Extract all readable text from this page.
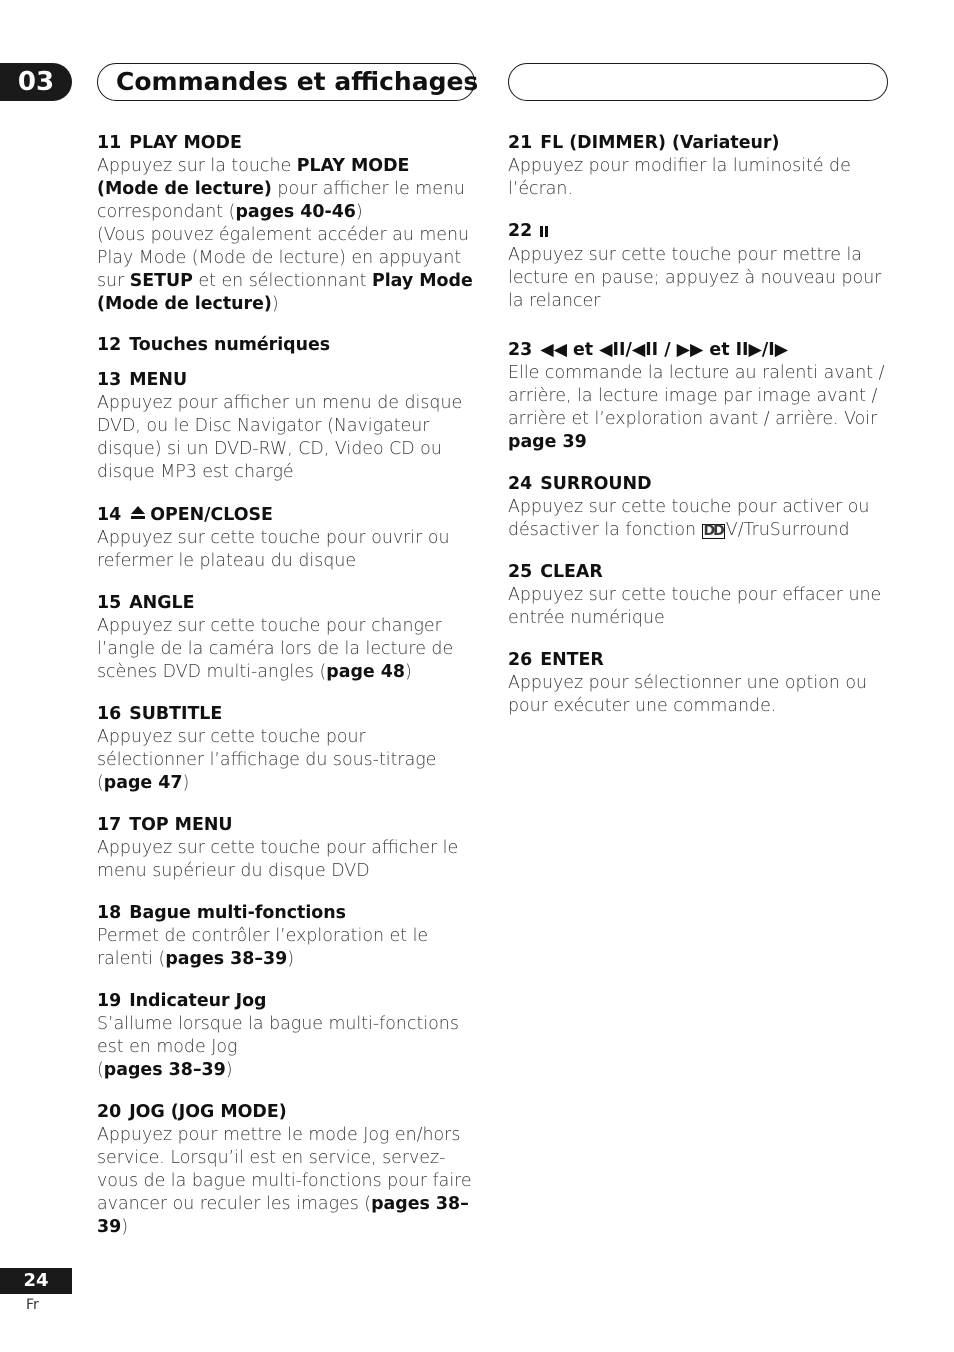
03	Commandes et affichages

11 PLAY MODE

Appuyez sur la touche PLAY MODE (Mode de lecture) pour afficher le menu correspondant (pages 40-46)
(Vous pouvez également accéder au menu Play Mode (Mode de lecture) en appuyant sur SETUP et en sélectionnant Play Mode (Mode de lecture))

12 Touches numériques

13 MENU

Appuyez pour afficher un menu de disque DVD, ou le Disc Navigator (Navigateur disque) si un DVD-RW, CD, Video CD ou disque MP3 est chargé

14 OPEN/CLOSE

Appuyez sur cette touche pour ouvrir ou refermer le plateau du disque

15 ANGLE

Appuyez sur cette touche pour changer l’angle de la caméra lors de la lecture de scènes DVD multi-angles (page 48)

16 SUBTITLE

Appuyez sur cette touche pour sélectionner l’affichage du sous-titrage (page 47)

17 TOP MENU

Appuyez sur cette touche pour afficher le menu supérieur du disque DVD

18 Bague multi-fonctions

Permet de contrôler l’exploration et le ralenti (pages 38–39)

19 Indicateur Jog

S’allume lorsque la bague multi-fonctions est en mode Jog
(pages 38–39)

20 JOG (JOG MODE)

Appuyez pour mettre le mode Jog en/hors service. Lorsqu’il est en service, servez-vous de la bague multi-fonctions pour faire avancer ou reculer les images (pages 38–39)

21 FL (DIMMER) (Variateur)

Appuyez pour modifier la luminosité de l’écran.

22

Appuyez sur cette touche pour mettre la lecture en pause; appuyez à nouveau pour la relancer

23 ◀◀ et ◀II/◀II / ▶▶ et II▶/I▶

Elle commande la lecture au ralenti avant / arrière, la lecture image par image avant / arrière et l’exploration avant / arrière. Voir page 39

24 SURROUND

Appuyez sur cette touche pour activer ou désactiver la fonction DD V/TruSurround

25 CLEAR

Appuyez sur cette touche pour effacer une entrée numérique

26 ENTER

Appuyez pour sélectionner une option ou pour exécuter une commande.

24
Fr
